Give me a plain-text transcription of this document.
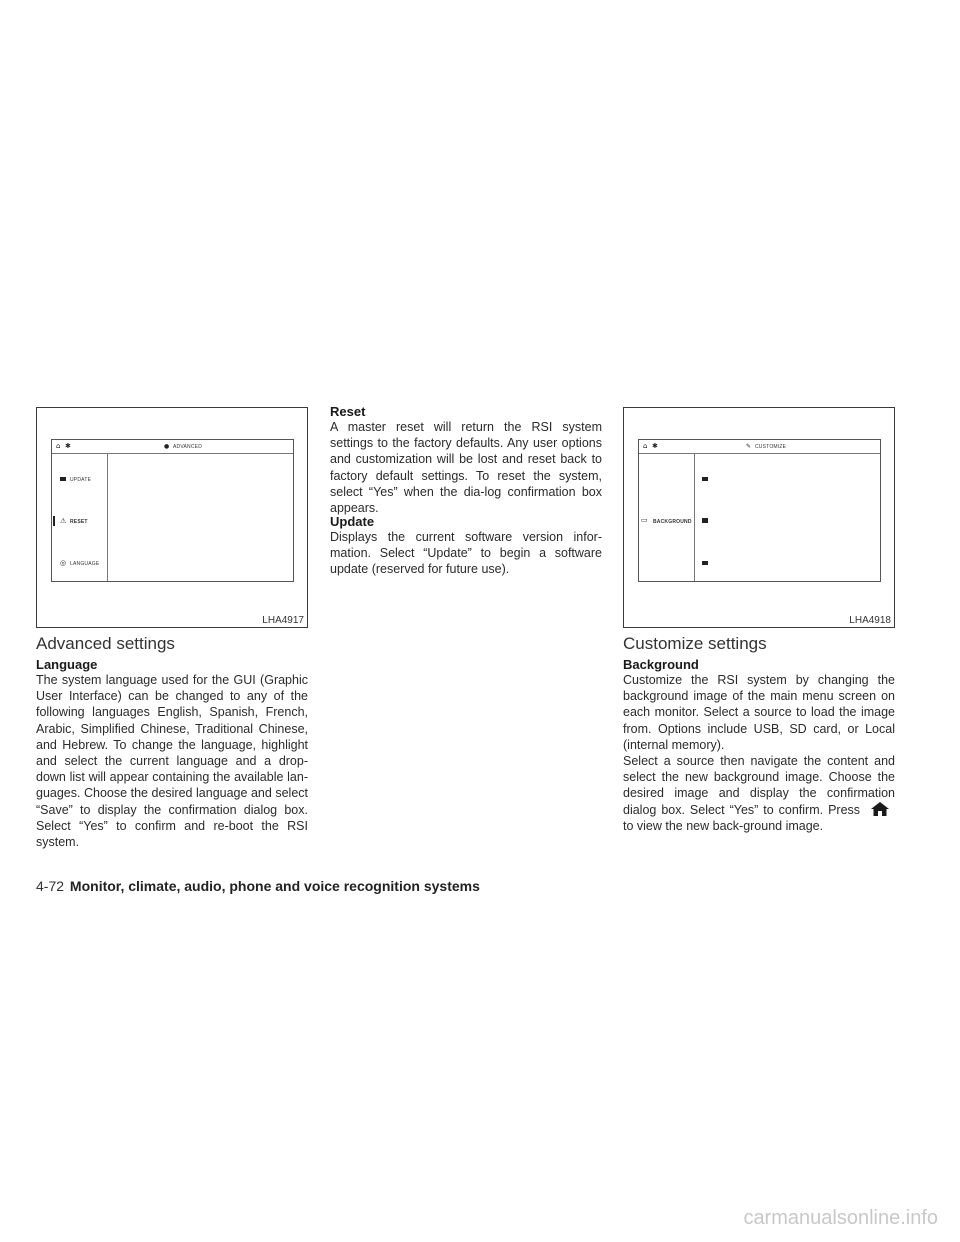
⌂ ✱	● ADVANCED
UPDATE
⚠ RESET
◎ LANGUAGE
LHA4917
⌂ ✱	✎ CUSTOMIZE
▭ BACKGROUND
LHA4918
Reset
A master reset will return the RSI system settings to the factory defaults. Any user options and customization will be lost and reset back to factory default settings. To reset the system, select “Yes” when the dia-log confirmation box appears.
Update
Displays the current software version infor-mation. Select “Update” to begin a software update (reserved for future use).
Advanced settings
Language
The system language used for the GUI (Graphic User Interface) can be changed to any of the following languages English, Spanish, French, Arabic, Simplified Chinese, Traditional Chinese, and Hebrew. To change the language, highlight and select the current language and a drop-down list will appear containing the available lan-guages. Choose the desired language and select “Save” to display the confirmation dialog box. Select “Yes” to confirm and re-boot the RSI system.
Customize settings
Background
Customize the RSI system by changing the background image of the main menu screen on each monitor. Select a source to load the image from. Options include USB, SD card, or Local (internal memory).
Select a source then navigate the content and select the new background image. Choose the desired image and display the confirmation dialog box. Select “Yes” to confirm. Press  to view the new back-ground image.
4-72 Monitor, climate, audio, phone and voice recognition systems
carmanualsonline.info
